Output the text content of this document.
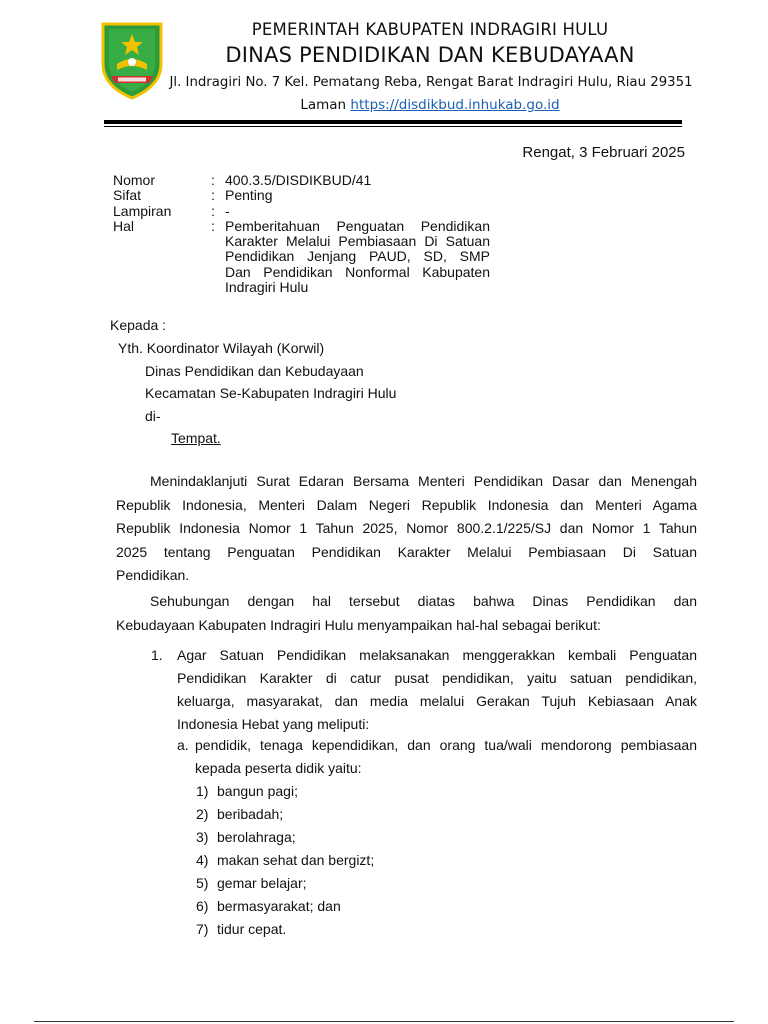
PEMERINTAH KABUPATEN INDRAGIRI HULU
DINAS PENDIDIKAN DAN KEBUDAYAAN
Jl. Indragiri No. 7 Kel. Pematang Reba, Rengat Barat Indragiri Hulu, Riau 29351
Laman https://disdikbud.inhukab.go.id
Rengat, 3 Februari 2025
Nomor	: 400.3.5/DISDIKBUD/41
Sifat	: Penting
Lampiran	: -
Hal	: Pemberitahuan Penguatan Pendidikan
Karakter Melalui Pembiasaan Di Satuan
Pendidikan Jenjang PAUD, SD, SMP
Dan Pendidikan Nonformal Kabupaten
Indragiri Hulu
Kepada :
Yth. Koordinator Wilayah (Korwil)
Dinas Pendidikan dan Kebudayaan
Kecamatan Se-Kabupaten Indragiri Hulu
di-
Tempat.
Menindaklanjuti Surat Edaran Bersama Menteri Pendidikan Dasar dan Menengah
Republik Indonesia, Menteri Dalam Negeri Republik Indonesia dan Menteri Agama
Republik Indonesia Nomor 1 Tahun 2025, Nomor 800.2.1/225/SJ dan Nomor 1 Tahun
2025 tentang Penguatan Pendidikan Karakter Melalui Pembiasaan Di Satuan
Pendidikan.
Sehubungan dengan hal tersebut diatas bahwa Dinas Pendidikan dan
Kebudayaan Kabupaten Indragiri Hulu menyampaikan hal-hal sebagai berikut:
1. Agar Satuan Pendidikan melaksanakan menggerakkan kembali Penguatan
Pendidikan Karakter di catur pusat pendidikan, yaitu satuan pendidikan,
keluarga, masyarakat, dan media melalui Gerakan Tujuh Kebiasaan Anak
Indonesia Hebat yang meliputi:
a. pendidik, tenaga kependidikan, dan orang tua/wali mendorong pembiasaan
kepada peserta didik yaitu:
1) bangun pagi;
2) beribadah;
3) berolahraga;
4) makan sehat dan bergizt;
5) gemar belajar;
6) bermasyarakat; dan
7) tidur cepat.
